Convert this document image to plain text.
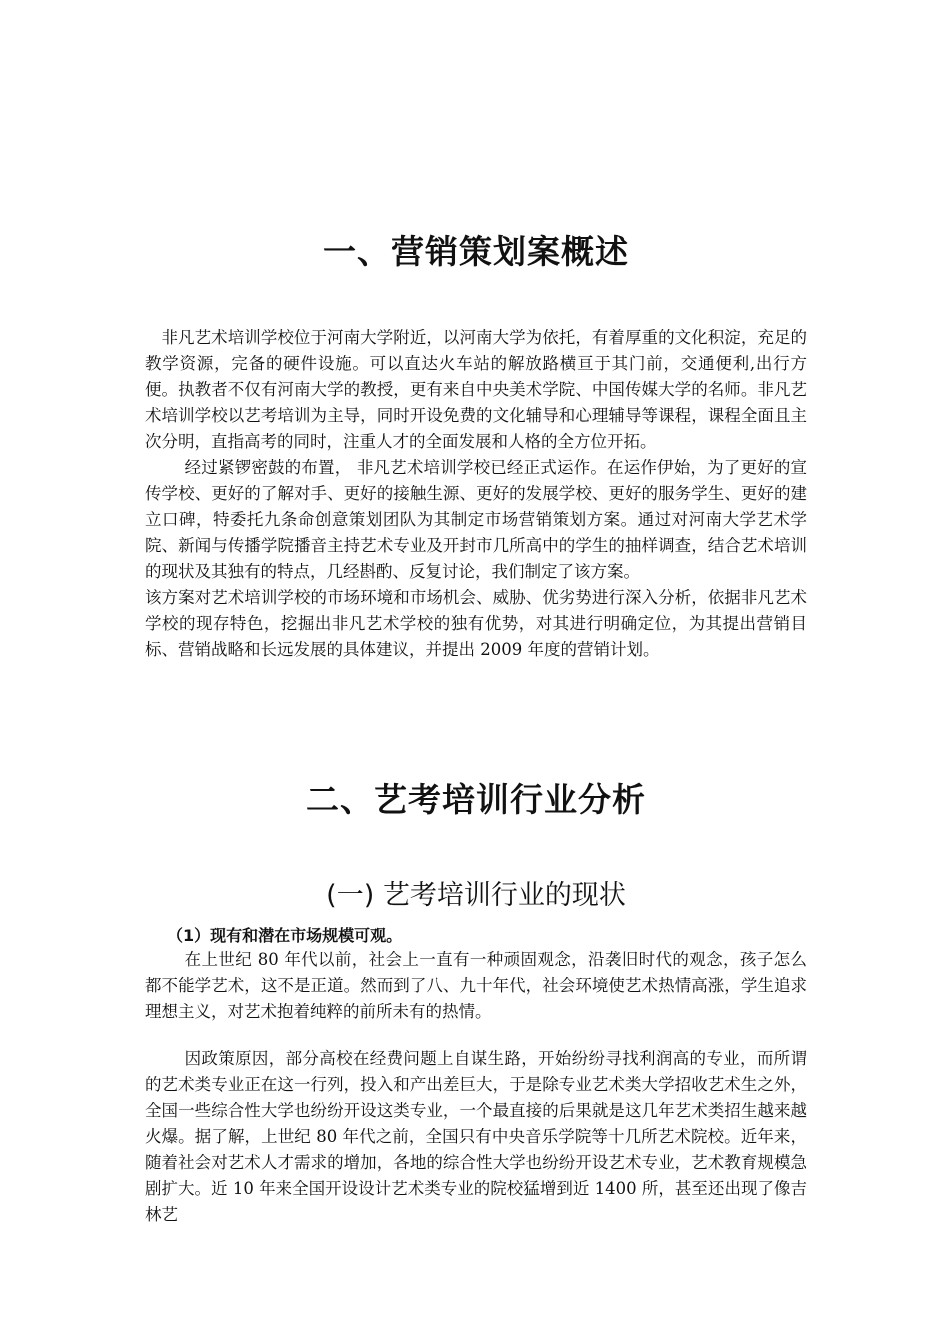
一、营销策划案概述

非凡艺术培训学校位于河南大学附近，以河南大学为依托，有着厚重的文化积淀，充足的教学资源，完备的硬件设施。可以直达火车站的解放路横亘于其门前，交通便利,出行方便。执教者不仅有河南大学的教授，更有来自中央美术学院、中国传媒大学的名师。非凡艺术培训学校以艺考培训为主导，同时开设免费的文化辅导和心理辅导等课程，课程全面且主次分明，直指高考的同时，注重人才的全面发展和人格的全方位开拓。

经过紧锣密鼓的布置， 非凡艺术培训学校已经正式运作。在运作伊始，为了更好的宣传学校、更好的了解对手、更好的接触生源、更好的发展学校、更好的服务学生、更好的建立口碑，特委托九条命创意策划团队为其制定市场营销策划方案。通过对河南大学艺术学院、新闻与传播学院播音主持艺术专业及开封市几所高中的学生的抽样调查，结合艺术培训的现状及其独有的特点，几经斟酌、反复讨论，我们制定了该方案。

该方案对艺术培训学校的市场环境和市场机会、威胁、优劣势进行深入分析，依据非凡艺术学校的现存特色，挖掘出非凡艺术学校的独有优势，对其进行明确定位，为其提出营销目标、营销战略和长远发展的具体建议，并提出 2009 年度的营销计划。

二、艺考培训行业分析
(一) 艺考培训行业的现状
（1）现有和潜在市场规模可观。

在上世纪 80 年代以前，社会上一直有一种顽固观念，沿袭旧时代的观念，孩子怎么都不能学艺术，这不是正道。然而到了八、九十年代，社会环境使艺术热情高涨，学生追求理想主义，对艺术抱着纯粹的前所未有的热情。

因政策原因，部分高校在经费问题上自谋生路，开始纷纷寻找利润高的专业，而所谓的艺术类专业正在这一行列，投入和产出差巨大，于是除专业艺术类大学招收艺术生之外，全国一些综合性大学也纷纷开设这类专业，一个最直接的后果就是这几年艺术类招生越来越火爆。据了解，上世纪 80 年代之前，全国只有中央音乐学院等十几所艺术院校。近年来，随着社会对艺术人才需求的增加，各地的综合性大学也纷纷开设艺术专业，艺术教育规模急剧扩大。近 10 年来全国开设设计艺术类专业的院校猛增到近 1400 所，甚至还出现了像吉林艺
